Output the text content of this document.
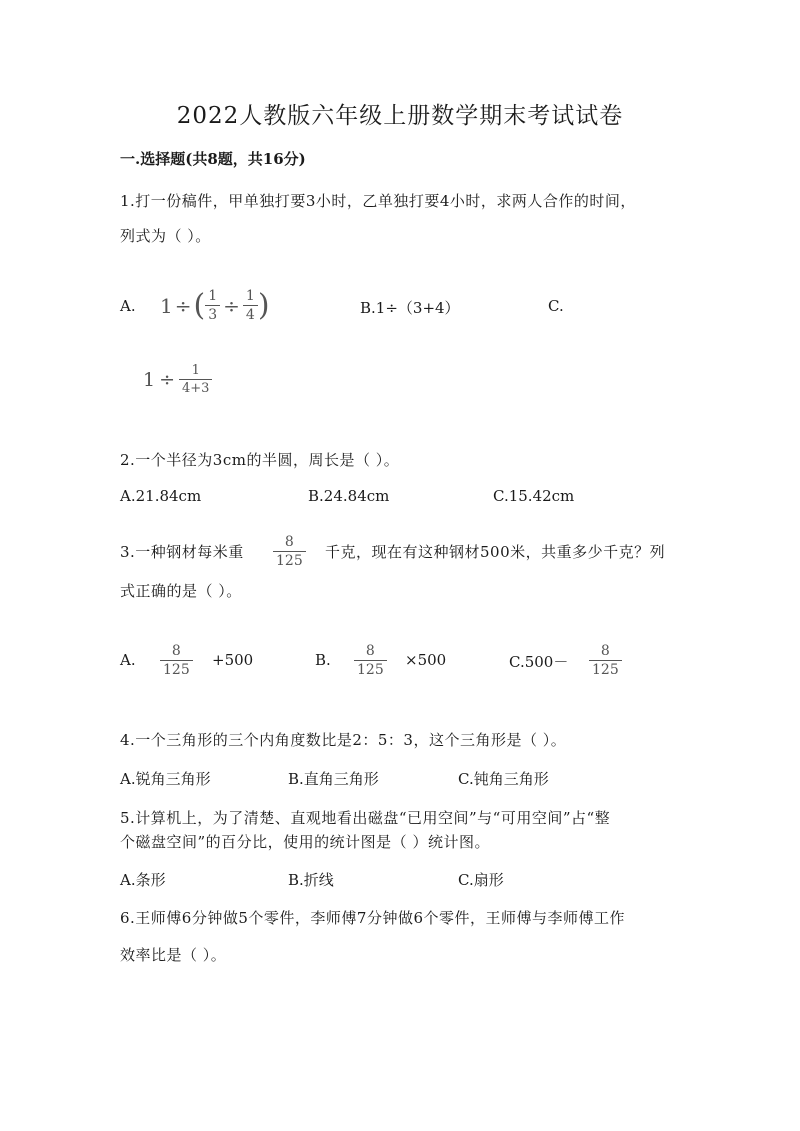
2022人教版六年级上册数学期末考试试卷
一.选择题(共8题，共16分)
1.打一份稿件，甲单独打要3小时，乙单独打要4小时，求两人合作的时间，
列式为（ ）。
A. 1 ÷ ( $\frac{1}{3} \div \frac{1}{4}$ )	B.1÷（3+4）	C.
$1 \div \frac{1}{4+3}$
2.一个半径为3cm的半圆，周长是（ ）。
A.21.84cm	B.24.84cm	C.15.42cm
3.一种钢材每米重 $\frac{8}{125}$ 千克，现在有这种钢材500米，共重多少千克？列
式正确的是（ ）。
A. $\frac{8}{125} +500$	B. $\frac{8}{125} \times 500$	$C.500- \frac{8}{125}$
4.一个三角形的三个内角度数比是2：5：3，这个三角形是（ ）。
A.锐角三角形	B.直角三角形	C.钝角三角形
5.计算机上，为了清楚、直观地看出磁盘“已用空间”与“可用空间”占“整
个磁盘空间”的百分比，使用的统计图是（ ）统计图。
A.条形	B.折线	C.扇形
6.王师傅6分钟做5个零件，李师傅7分钟做6个零件，王师傅与李师傅工作
效率比是（ ）。
